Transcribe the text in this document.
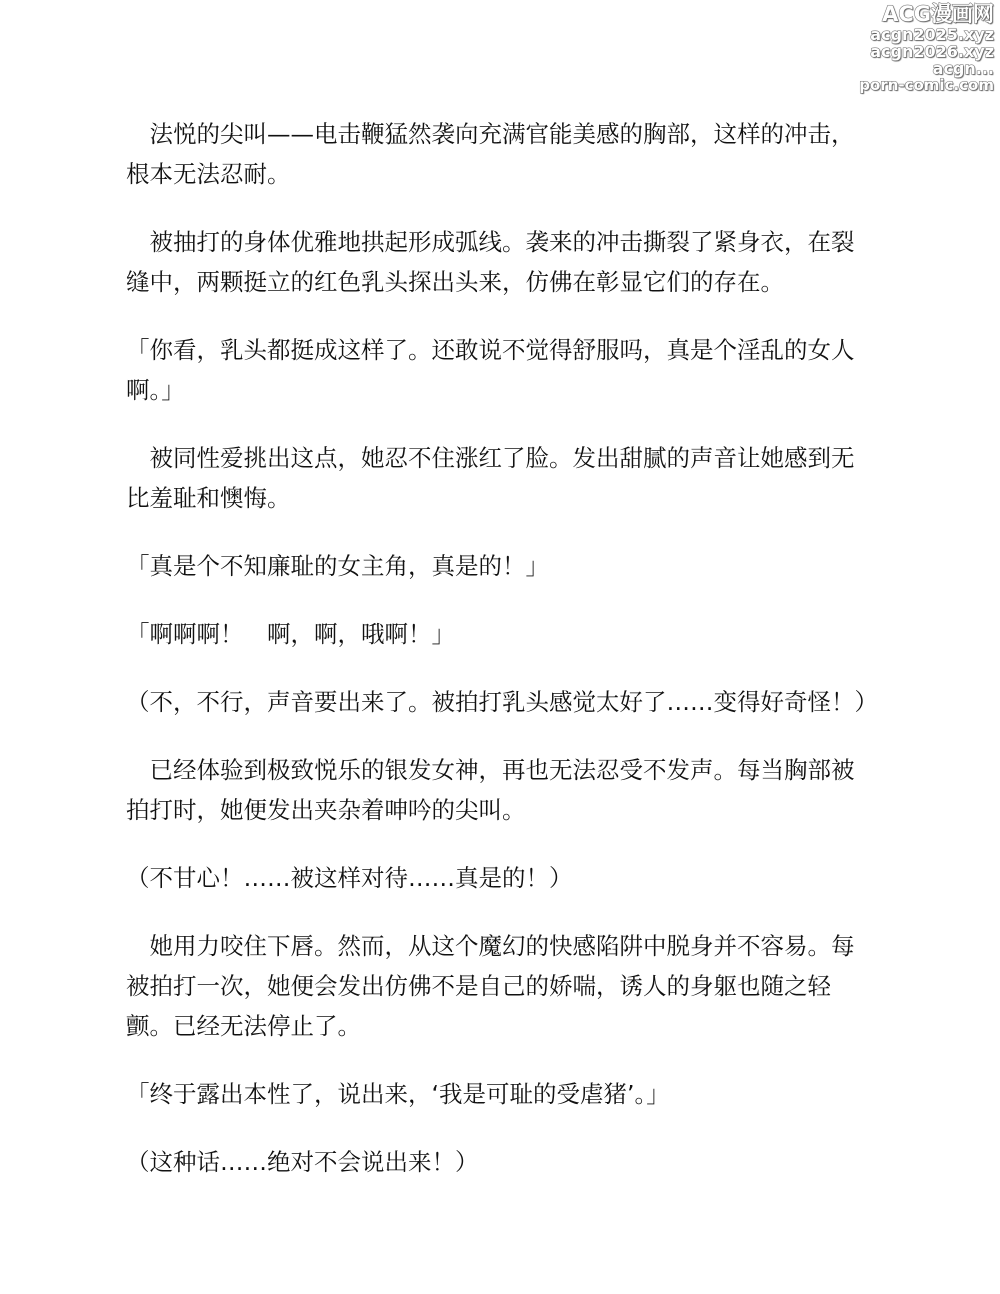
ACG漫画网
acgn2025.xyz
acgn2026.xyz
acgn...
porn-comic.com

法悦的尖叫——电击鞭猛然袭向充满官能美感的胸部，这样的冲击，根本无法忍耐。

被抽打的身体优雅地拱起形成弧线。袭来的冲击撕裂了紧身衣，在裂缝中，两颗挺立的红色乳头探出头来，仿佛在彰显它们的存在。

「你看，乳头都挺成这样了。还敢说不觉得舒服吗，真是个淫乱的女人啊。」

被同性爱挑出这点，她忍不住涨红了脸。发出甜腻的声音让她感到无比羞耻和懊悔。

「真是个不知廉耻的女主角，真是的！」

「啊啊啊！　啊，啊，哦啊！」

（不，不行，声音要出来了。被拍打乳头感觉太好了……变得好奇怪！）

已经体验到极致悦乐的银发女神，再也无法忍受不发声。每当胸部被拍打时，她便发出夹杂着呻吟的尖叫。

（不甘心！……被这样对待……真是的！）

她用力咬住下唇。然而，从这个魔幻的快感陷阱中脱身并不容易。每被拍打一次，她便会发出仿佛不是自己的娇喘，诱人的身躯也随之轻颤。已经无法停止了。

「终于露出本性了，说出来，‘我是可耻的受虐猪’。」

（这种话……绝对不会说出来！）
